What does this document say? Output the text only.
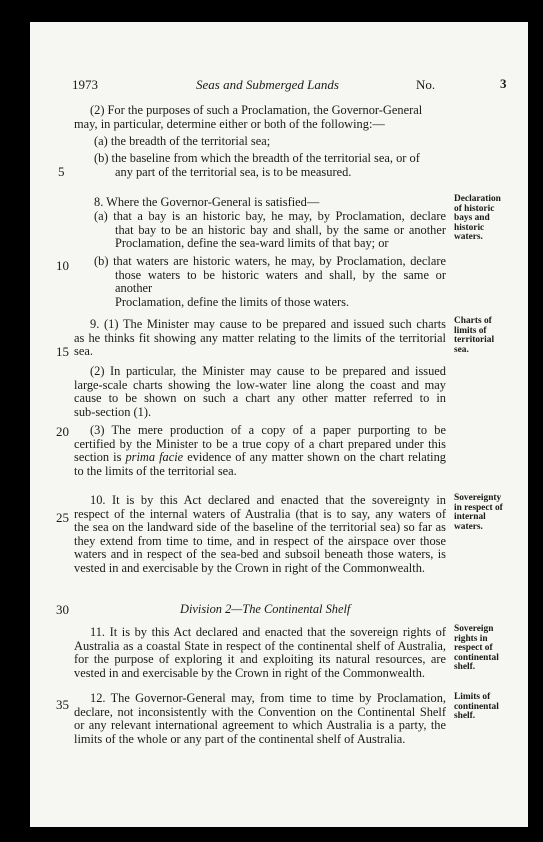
1973	Seas and Submerged Lands	No.	3
5
10
15
20
25
30
35
(2) For the purposes of such a Proclamation, the Governor-General
may, in particular, determine either or both of the following:—
(a) the breadth of the territorial sea;
(b) the baseline from which the breadth of the territorial sea, or of
any part of the territorial sea, is to be measured.
8. Where the Governor-General is satisfied—

(a) that a bay is an historic bay, he may, by Proclamation, declare

that bay to be an historic bay and shall, by the same or another

Proclamation, define the sea-ward limits of that bay; or

(b) that waters are historic waters, he may, by Proclamation, declare

those waters to be historic waters and shall, by the same or another

Proclamation, define the limits of those waters.

Declaration
of historic
bays and
historic
waters.

9. (1) The Minister may cause to be prepared and issued such charts

as he thinks fit showing any matter relating to the limits of the territorial

sea.

(2) In particular, the Minister may cause to be prepared and issued

large-scale charts showing the low-water line along the coast and may

cause to be shown on such a chart any other matter referred to in

sub-section (1).

(3) The mere production of a copy of a paper purporting to be

certified by the Minister to be a true copy of a chart prepared under this

section is prima facie evidence of any matter shown on the chart relating

to the limits of the territorial sea.

Charts of
limits of
territorial
sea.

10. It is by this Act declared and enacted that the sovereignty in

respect of the internal waters of Australia (that is to say, any waters of

the sea on the landward side of the baseline of the territorial sea) so far as

they extend from time to time, and in respect of the airspace over those

waters and in respect of the sea-bed and subsoil beneath those waters, is

vested in and exercisable by the Crown in right of the Commonwealth.

Sovereignty
in respect of
internal
waters.
Division 2—The Continental Shelf

11. It is by this Act declared and enacted that the sovereign rights of

Australia as a coastal State in respect of the continental shelf of Australia,

for the purpose of exploring it and exploiting its natural resources, are

vested in and exercisable by the Crown in right of the Commonwealth.

Sovereign
rights in
respect of
continental
shelf.

12. The Governor-General may, from time to time by Proclamation,

declare, not inconsistently with the Convention on the Continental Shelf

or any relevant international agreement to which Australia is a party, the

limits of the whole or any part of the continental shelf of Australia.

Limits of
continental
shelf.
